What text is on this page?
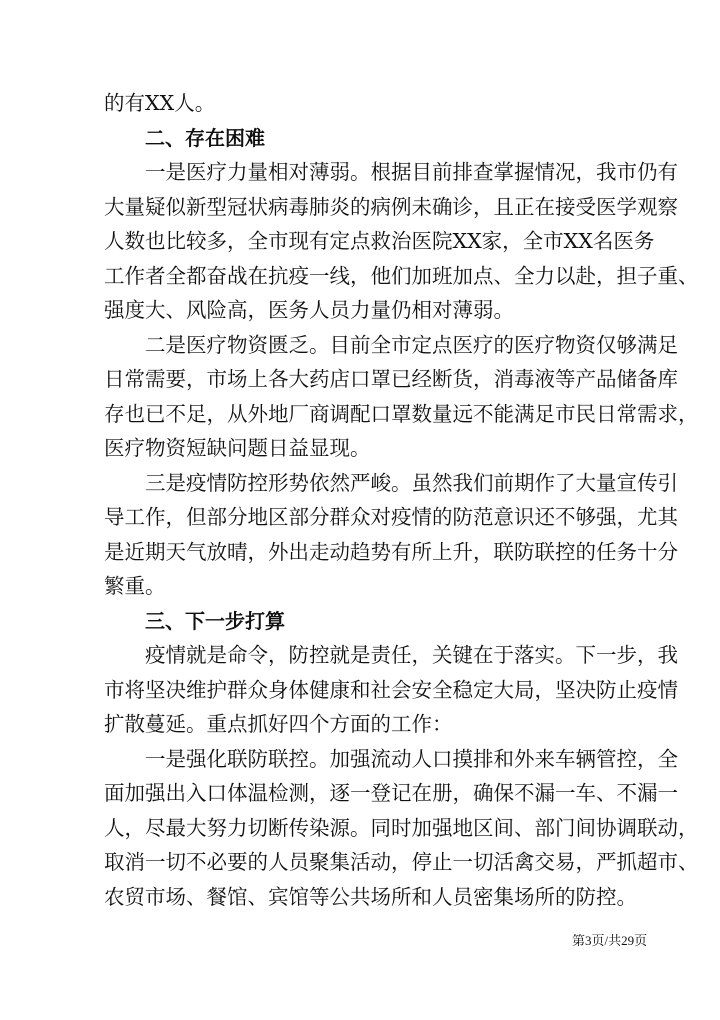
的有XX人。
二、存在困难
一是医疗力量相对薄弱。根据目前排查掌握情况，我市仍有
大量疑似新型冠状病毒肺炎的病例未确诊，且正在接受医学观察
人数也比较多，全市现有定点救治医院XX家，全市XX名医务
工作者全都奋战在抗疫一线，他们加班加点、全力以赴，担子重、
强度大、风险高，医务人员力量仍相对薄弱。
二是医疗物资匮乏。目前全市定点医疗的医疗物资仅够满足
日常需要，市场上各大药店口罩已经断货，消毒液等产品储备库
存也已不足，从外地厂商调配口罩数量远不能满足市民日常需求，
医疗物资短缺问题日益显现。
三是疫情防控形势依然严峻。虽然我们前期作了大量宣传引
导工作，但部分地区部分群众对疫情的防范意识还不够强，尤其
是近期天气放晴，外出走动趋势有所上升，联防联控的任务十分
繁重。
三、下一步打算
疫情就是命令，防控就是责任，关键在于落实。下一步，我
市将坚决维护群众身体健康和社会安全稳定大局，坚决防止疫情
扩散蔓延。重点抓好四个方面的工作：
一是强化联防联控。加强流动人口摸排和外来车辆管控，全
面加强出入口体温检测，逐一登记在册，确保不漏一车、不漏一
人，尽最大努力切断传染源。同时加强地区间、部门间协调联动，
取消一切不必要的人员聚集活动，停止一切活禽交易，严抓超市、
农贸市场、餐馆、宾馆等公共场所和人员密集场所的防控。
第3页/共29页
